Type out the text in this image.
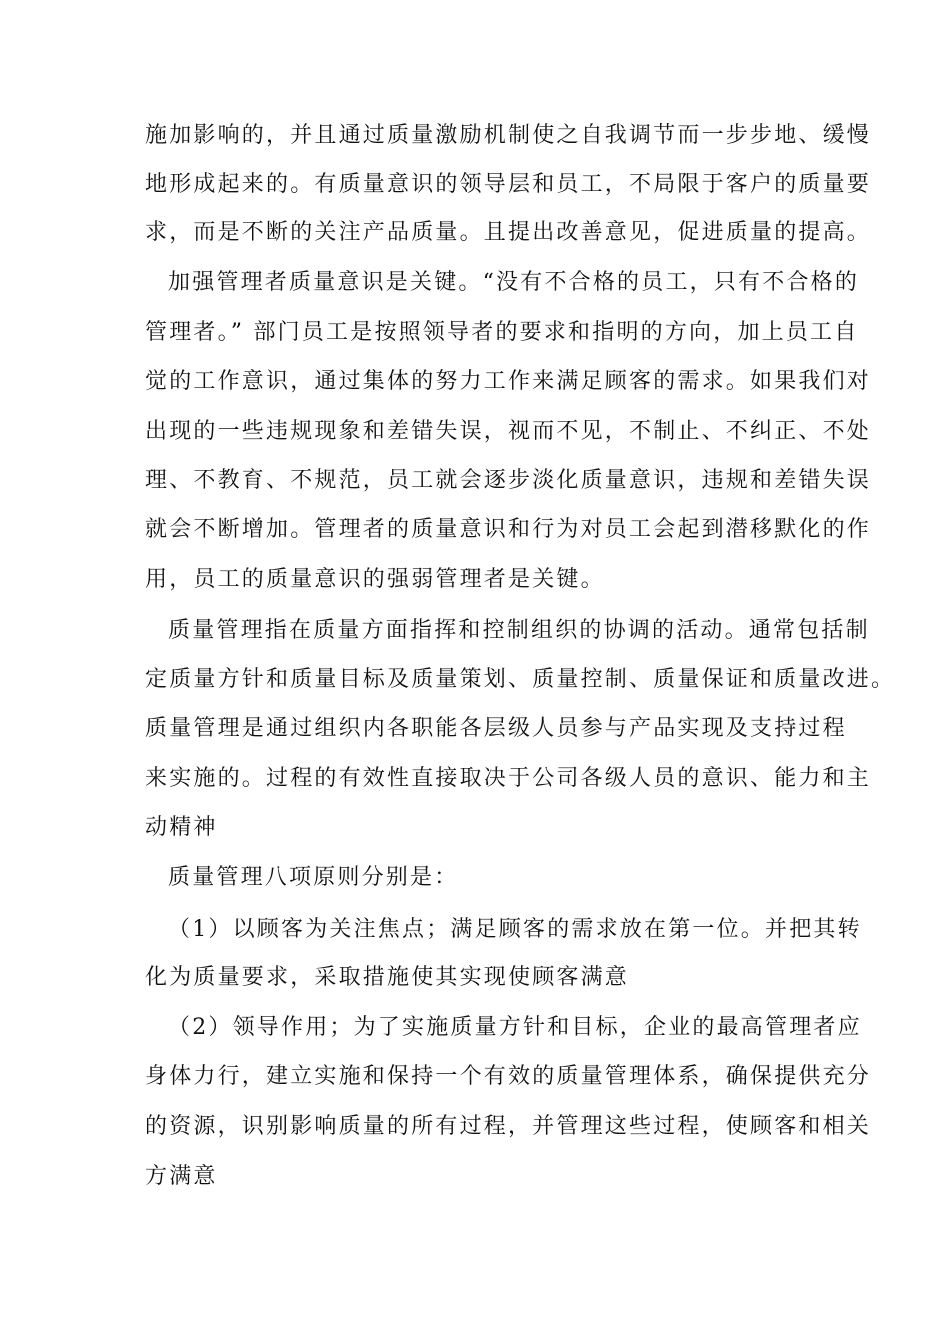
施加影响的，并且通过质量激励机制使之自我调节而一步步地、缓慢
地形成起来的。有质量意识的领导层和员工，不局限于客户的质量要
求，而是不断的关注产品质量。且提出改善意见，促进质量的提高。
加强管理者质量意识是关键。“没有不合格的员工，只有不合格的
管理者。” 部门员工是按照领导者的要求和指明的方向，加上员工自
觉的工作意识，通过集体的努力工作来满足顾客的需求。如果我们对
出现的一些违规现象和差错失误，视而不见，不制止、不纠正、不处
理、不教育、不规范，员工就会逐步淡化质量意识，违规和差错失误
就会不断增加。管理者的质量意识和行为对员工会起到潜移默化的作
用，员工的质量意识的强弱管理者是关键。
质量管理指在质量方面指挥和控制组织的协调的活动。通常包括制
定质量方针和质量目标及质量策划、质量控制、质量保证和质量改进。
质量管理是通过组织内各职能各层级人员参与产品实现及支持过程
来实施的。过程的有效性直接取决于公司各级人员的意识、能力和主
动精神
质量管理八项原则分别是：
（1）以顾客为关注焦点；满足顾客的需求放在第一位。并把其转
化为质量要求，采取措施使其实现使顾客满意
（2）领导作用；为了实施质量方针和目标，企业的最高管理者应
身体力行，建立实施和保持一个有效的质量管理体系，确保提供充分
的资源，识别影响质量的所有过程，并管理这些过程，使顾客和相关
方满意
